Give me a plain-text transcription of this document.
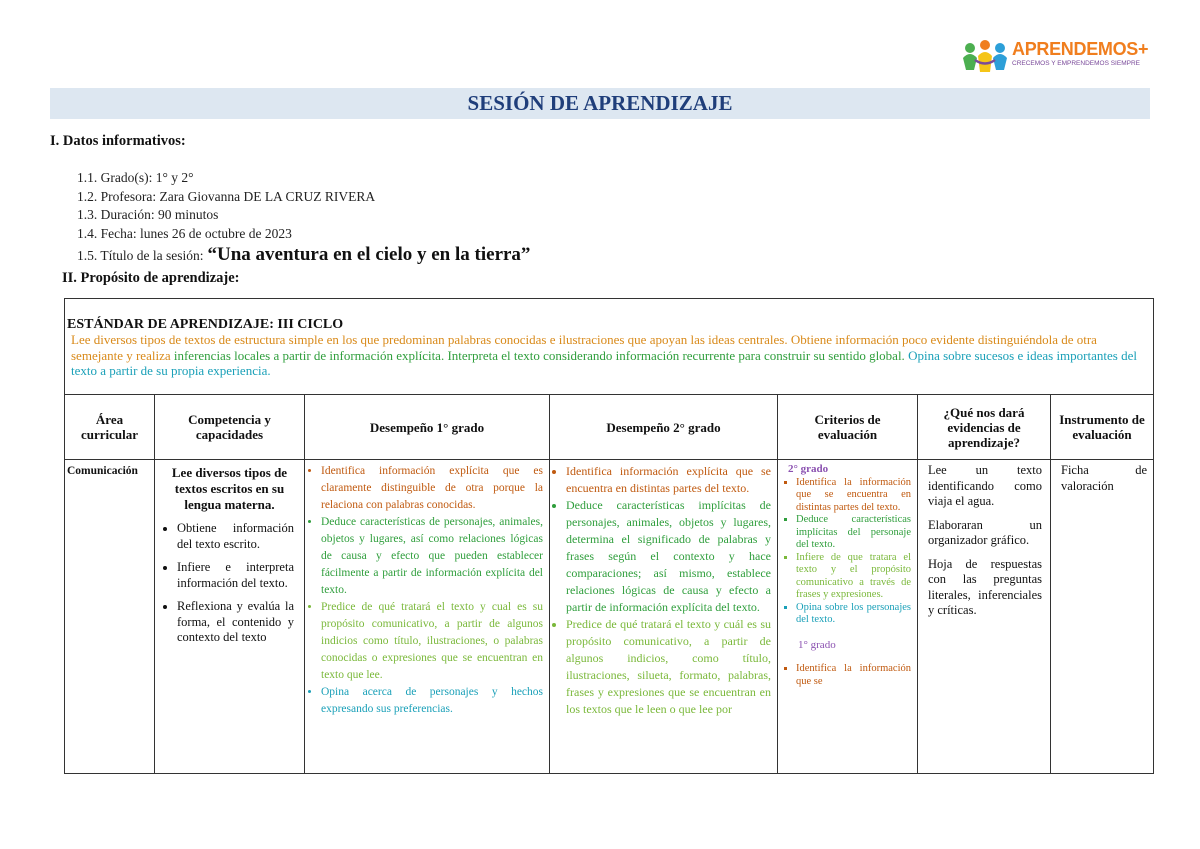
APRENDEMOS+
CRECEMOS Y EMPRENDEMOS SIEMPRE
SESIÓN DE APRENDIZAJE
I. Datos informativos:
1.1. Grado(s): 1° y 2°
1.2. Profesora: Zara Giovanna DE LA CRUZ RIVERA
1.3. Duración: 90 minutos
1.4. Fecha: lunes 26 de octubre de 2023
1.5. Título de la sesión: “Una aventura en el cielo y en la tierra”
II. Propósito de aprendizaje:
ESTÁNDAR DE APRENDIZAJE: III CICLO
Lee diversos tipos de textos de estructura simple en los que predominan palabras conocidas e ilustraciones que apoyan las ideas centrales. Obtiene información poco evidente distinguiéndola de otra semejante y realiza inferencias locales a partir de información explícita. Interpreta el texto considerando información recurrente para construir su sentido global. Opina sobre sucesos e ideas importantes del texto a partir de su propia experiencia.
Área curricular
Comunicación
Competencia y capacidades
Lee diversos tipos de textos escritos en su lengua materna.
• Obtiene información del texto escrito.
• Infiere e interpreta información del texto.
• Reflexiona y evalúa la forma, el contenido y contexto del texto
Desempeño 1° grado
• Identifica información explícita que es claramente distinguible de otra porque la relaciona con palabras conocidas.
• Deduce características de personajes, animales, objetos y lugares, así como relaciones lógicas de causa y efecto que pueden establecer fácilmente a partir de información explícita del texto.
• Predice de qué tratará el texto y cual es su propósito comunicativo, a partir de algunos indicios como título, ilustraciones, o palabras conocidas o expresiones que se encuentran en texto que lee.
• Opina acerca de personajes y hechos expresando sus preferencias.
Desempeño 2° grado
• Identifica información explícita que se encuentra en distintas partes del texto.
• Deduce características implícitas de personajes, animales, objetos y lugares, determina el significado de palabras y frases según el contexto y hace comparaciones; así mismo, establece relaciones lógicas de causa y efecto a partir de información explícita del texto.
• Predice de qué tratará el texto y cuál es su propósito comunicativo, a partir de algunos indicios, como título, ilustraciones, silueta, formato, palabras, frases y expresiones que se encuentran en los textos que le leen o que lee por
Criterios de evaluación
2° grado
▪ Identifica la información que se encuentra en distintas partes del texto.
▪ Deduce características implícitas del personaje del texto.
▪ Infiere de que tratara el texto y el propósito comunicativo a través de frases y expresiones.
▪ Opina sobre los personajes del texto.
1° grado
▪ Identifica la información que se
¿Qué nos dará evidencias de aprendizaje?

Lee un texto identificando como viaja el agua.

Elaboraran un organizador gráfico.

Hoja de respuestas con las preguntas literales, inferenciales y críticas.

Instrumento de evaluación
Ficha de valoración
